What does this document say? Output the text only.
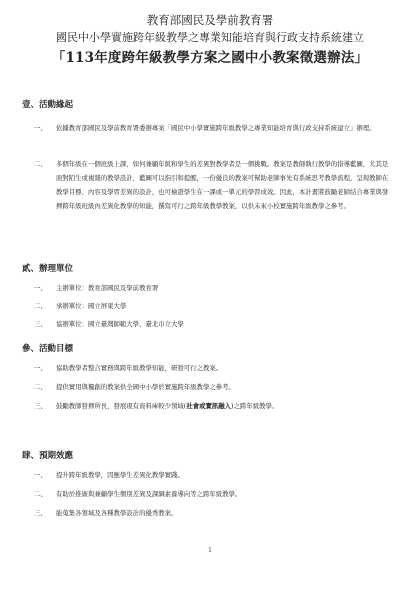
教育部國民及學前教育署
國民中小學實施跨年級教學之專業知能培育與行政支持系統建立
「113年度跨年級教學方案之國中小教案徵選辦法」
壹、活動緣起
一、 依據教育部國民及學前教育署委辦專案「國民中小學實施跨年級教學之專業知能培育與行政支持系統建立」辦理。
二、 多個年級在一個班級上課，如何兼顧年級和學生的差異對教學者是一個挑戰。教案是教師執行教學的指導藍圖，尤其是面對陌生或複雜的教學設計，藍圖可以指引和提醒，一份優良的教案可幫助老師事先有系統思考教學流程，呈現教師在教學目標、內容及學習差異的設計，也可檢證學生在一課或一單元的學習成效。因此，本計畫將鼓勵老師結合專業與發揮跨年級班級內差異化教學的知能，撰寫可行之跨年級教學教案，以供未來小校實施跨年級教學之參考。
貳、辦理單位
一、 主辦單位：教育部國民及學前教育署
二、 承辦單位：國立屏東大學
三、 協辦單位：國立臺灣師範大學、臺北市立大學
參、活動目標
一、 協助教學者整合實務與跨年級教學知能，研發可行之教案。
二、 提供實用與獨創的教案供全國中小學於實施跨年級教學之參考。
三、 鼓勵教師發揮所長，發展現有資料庫較少領域(社會或實訊融入)之跨年級教學。
肆、預期效應
一、 提升跨年級教學，因應學生差異化教學實踐。
二、 有助於推廣與兼顧學生個別差異及課綱素養導向等之跨年級教學。
三、 能蒐集各領域及各種教學設計的優秀教案。
1
